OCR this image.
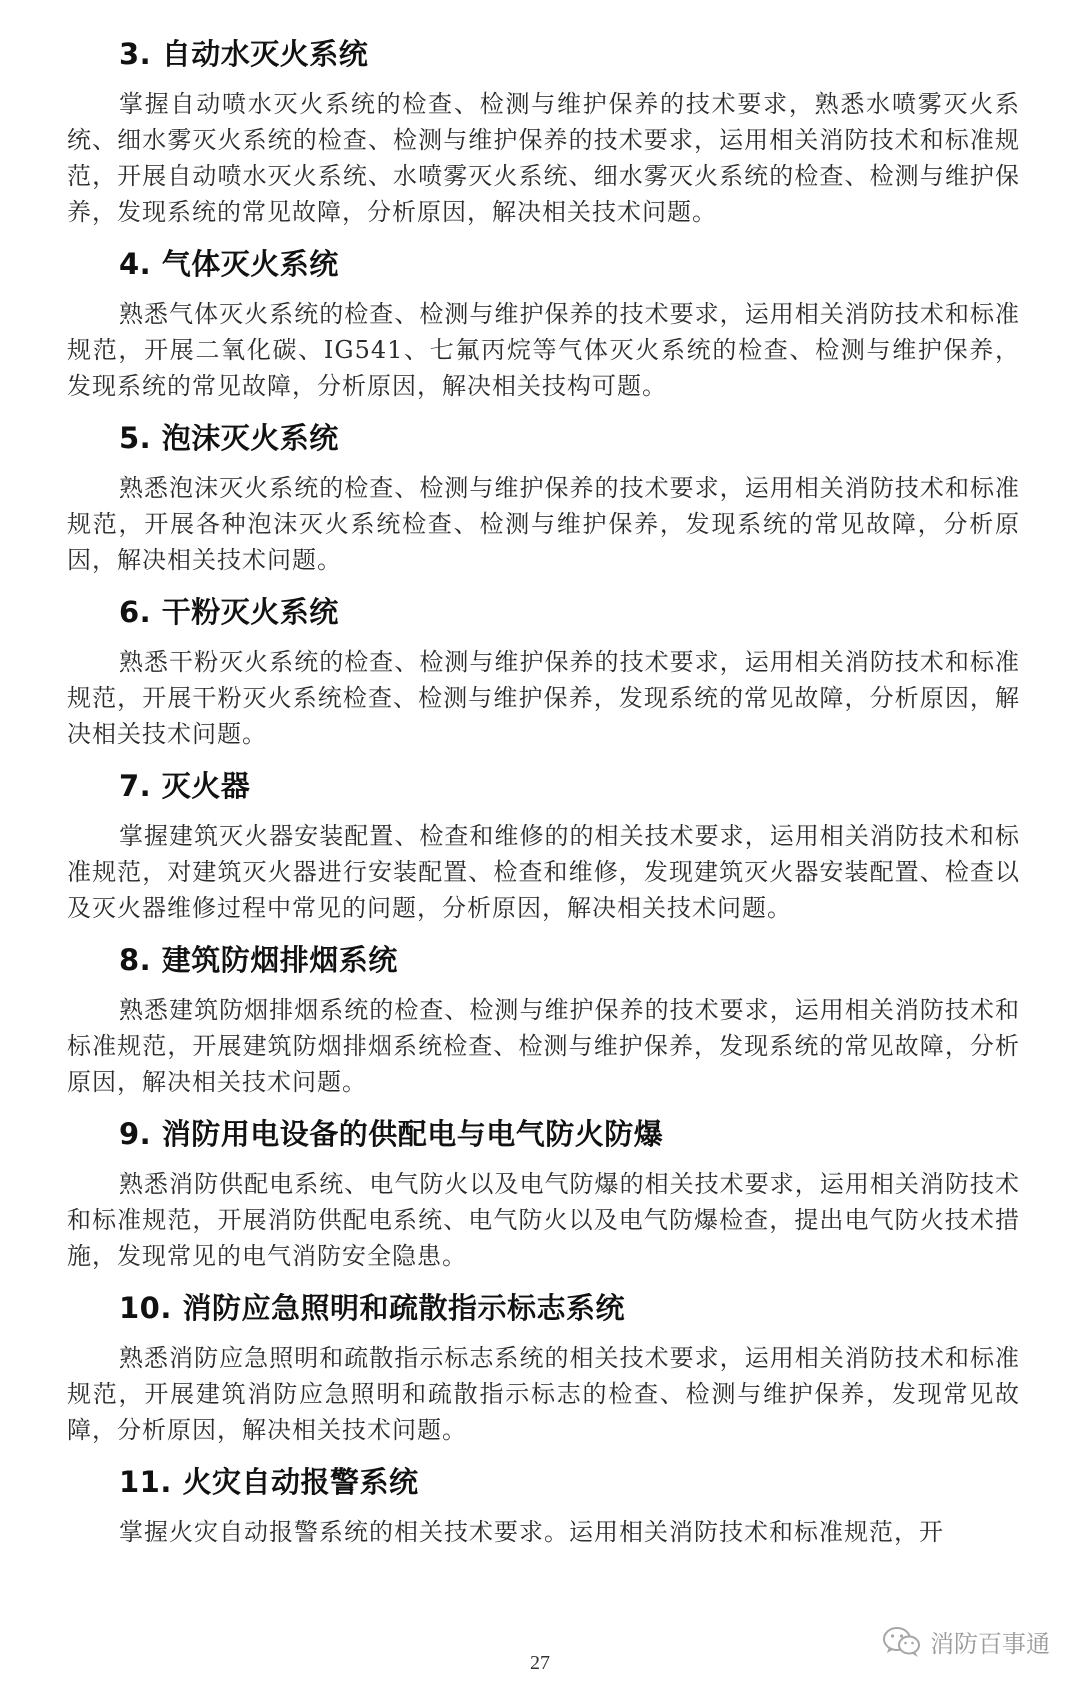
3. 自动水灭火系统

掌握自动喷水灭火系统的检查、检测与维护保养的技术要求，熟悉水喷雾灭火系统、细水雾灭火系统的检查、检测与维护保养的技术要求，运用相关消防技术和标准规范，开展自动喷水灭火系统、水喷雾灭火系统、细水雾灭火系统的检查、检测与维护保养，发现系统的常见故障，分析原因，解决相关技术问题。

4. 气体灭火系统

熟悉气体灭火系统的检查、检测与维护保养的技术要求，运用相关消防技术和标准规范，开展二氧化碳、IG541、七氟丙烷等气体灭火系统的检查、检测与维护保养，发现系统的常见故障，分析原因，解决相关技构可题。

5. 泡沫灭火系统

熟悉泡沫灭火系统的检查、检测与维护保养的技术要求，运用相关消防技术和标准规范，开展各种泡沫灭火系统检查、检测与维护保养，发现系统的常见故障，分析原因，解决相关技术问题。

6. 干粉灭火系统

熟悉干粉灭火系统的检查、检测与维护保养的技术要求，运用相关消防技术和标准规范，开展干粉灭火系统检查、检测与维护保养，发现系统的常见故障，分析原因，解决相关技术问题。

7. 灭火器

掌握建筑灭火器安装配置、检查和维修的的相关技术要求，运用相关消防技术和标准规范，对建筑灭火器进行安装配置、检查和维修，发现建筑灭火器安装配置、检查以及灭火器维修过程中常见的问题，分析原因，解决相关技术问题。

8. 建筑防烟排烟系统

熟悉建筑防烟排烟系统的检查、检测与维护保养的技术要求，运用相关消防技术和标准规范，开展建筑防烟排烟系统检查、检测与维护保养，发现系统的常见故障，分析原因，解决相关技术问题。

9. 消防用电设备的供配电与电气防火防爆

熟悉消防供配电系统、电气防火以及电气防爆的相关技术要求，运用相关消防技术和标准规范，开展消防供配电系统、电气防火以及电气防爆检查，提出电气防火技术措施，发现常见的电气消防安全隐患。

10. 消防应急照明和疏散指示标志系统

熟悉消防应急照明和疏散指示标志系统的相关技术要求，运用相关消防技术和标准规范，开展建筑消防应急照明和疏散指示标志的检查、检测与维护保养，发现常见故障，分析原因，解决相关技术问题。

11. 火灾自动报警系统

掌握火灾自动报警系统的相关技术要求。运用相关消防技术和标准规范，开

消防百事通
27
